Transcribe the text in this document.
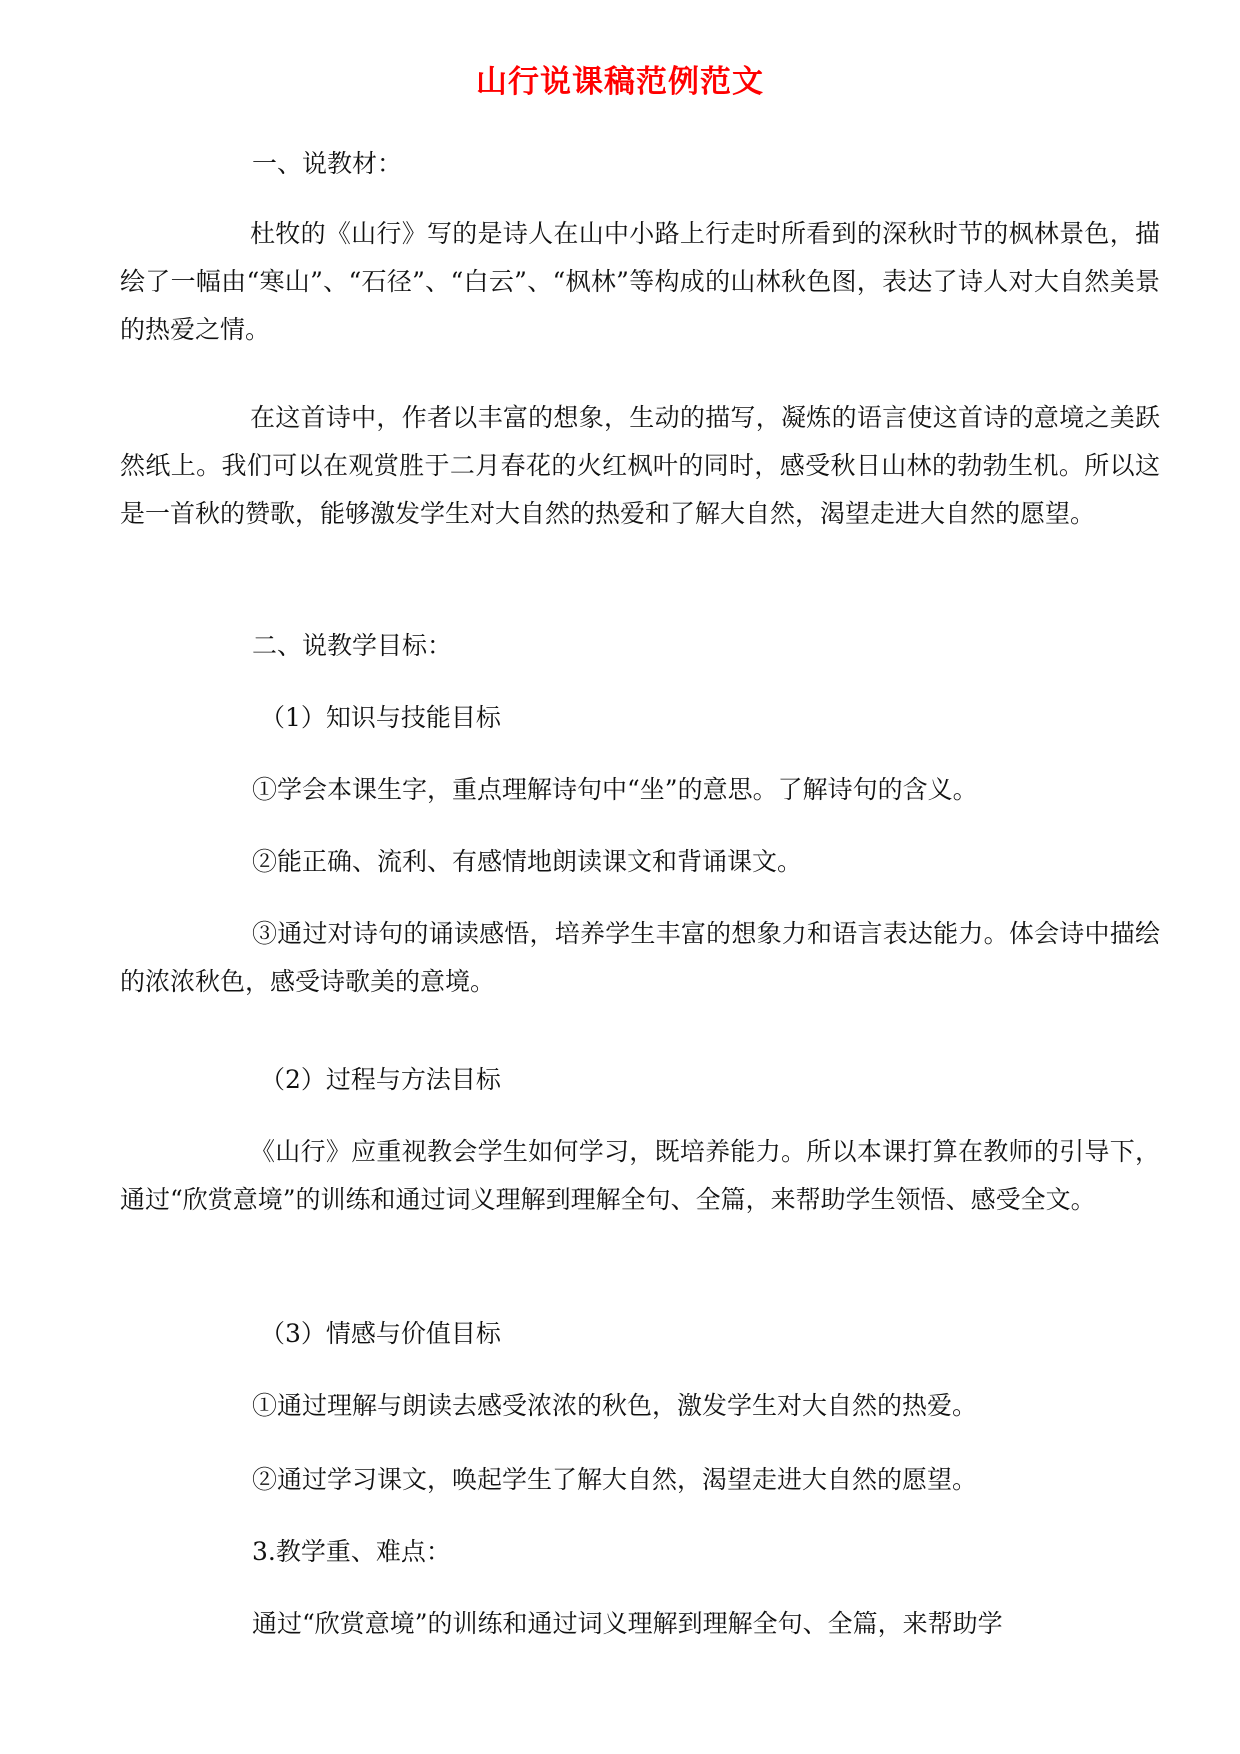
山行说课稿范例范文

一、说教材：

杜牧的《山行》写的是诗人在山中小路上行走时所看到的深秋时节的枫林景色，描绘了一幅由“寒山”、“石径”、“白云”、“枫林”等构成的山林秋色图，表达了诗人对大自然美景的热爱之情。

在这首诗中，作者以丰富的想象，生动的描写，凝炼的语言使这首诗的意境之美跃然纸上。我们可以在观赏胜于二月春花的火红枫叶的同时，感受秋日山林的勃勃生机。所以这是一首秋的赞歌，能够激发学生对大自然的热爱和了解大自然，渴望走进大自然的愿望。

二、说教学目标：

（1）知识与技能目标

①学会本课生字，重点理解诗句中“坐”的意思。了解诗句的含义。

②能正确、流利、有感情地朗读课文和背诵课文。

③通过对诗句的诵读感悟，培养学生丰富的想象力和语言表达能力。体会诗中描绘的浓浓秋色，感受诗歌美的意境。

（2）过程与方法目标

《山行》应重视教会学生如何学习，既培养能力。所以本课打算在教师的引导下，通过“欣赏意境”的训练和通过词义理解到理解全句、全篇，来帮助学生领悟、感受全文。

（3）情感与价值目标

①通过理解与朗读去感受浓浓的秋色，激发学生对大自然的热爱。

②通过学习课文，唤起学生了解大自然，渴望走进大自然的愿望。

3.教学重、难点：

通过“欣赏意境”的训练和通过词义理解到理解全句、全篇，来帮助学
